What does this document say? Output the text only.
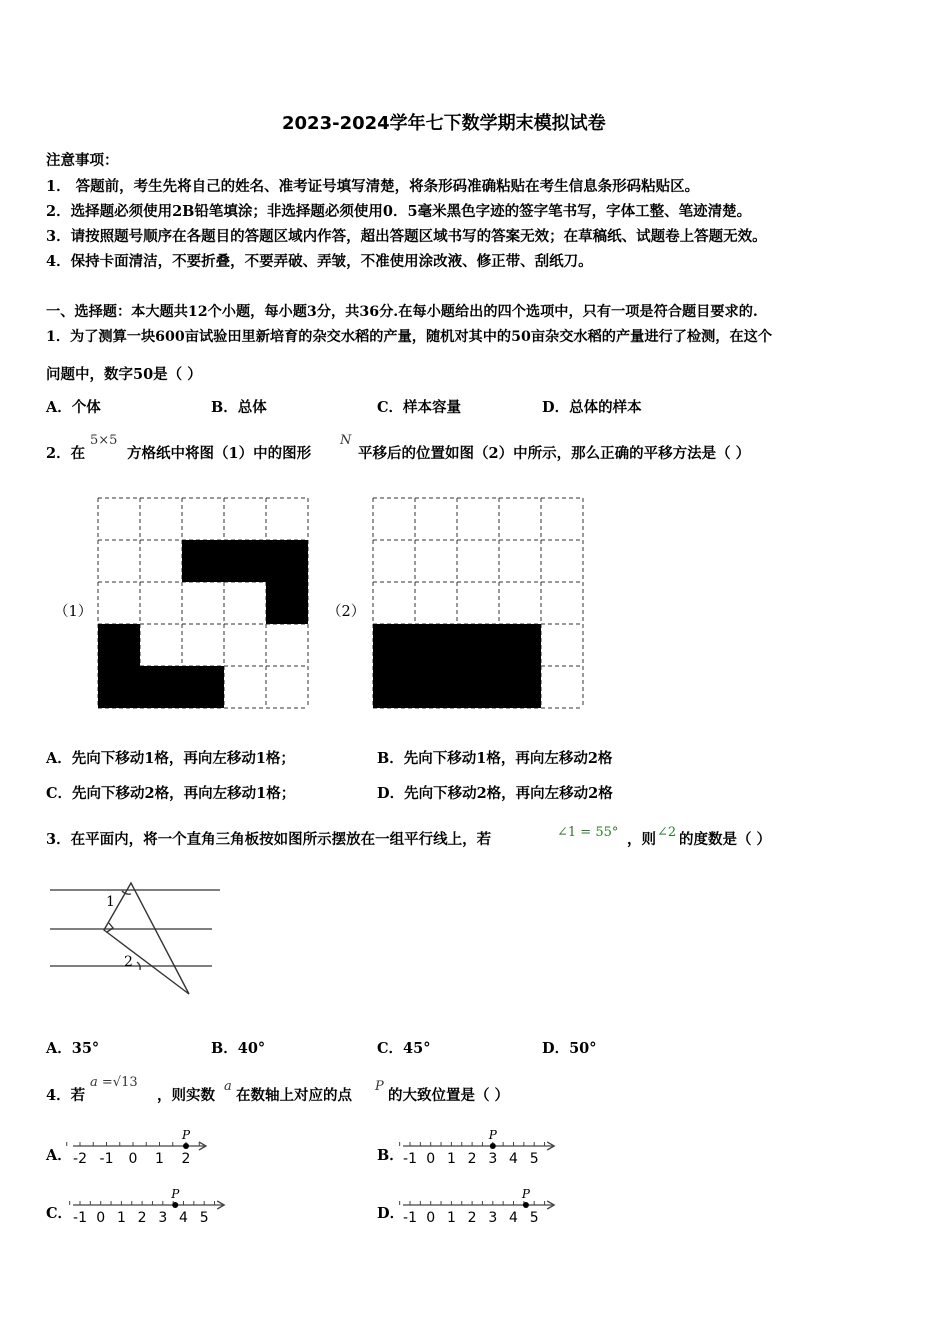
2023-2024学年七下数学期末模拟试卷
注意事项：
1． 答题前，考生先将自己的姓名、准考证号填写清楚，将条形码准确粘贴在考生信息条形码粘贴区。
2．选择题必须使用2B铅笔填涂；非选择题必须使用0．5毫米黑色字迹的签字笔书写，字体工整、笔迹清楚。
3．请按照题号顺序在各题目的答题区域内作答，超出答题区域书写的答案无效；在草稿纸、试题卷上答题无效。
4．保持卡面清洁，不要折叠，不要弄破、弄皱，不准使用涂改液、修正带、刮纸刀。
一、选择题：本大题共12个小题，每小题3分，共36分.在每小题给出的四个选项中，只有一项是符合题目要求的.
1．为了测算一块600亩试验田里新培育的杂交水稻的产量，随机对其中的50亩杂交水稻的产量进行了检测，在这个
问题中，数字50是（ ）
A．个体	B．总体	C．样本容量	D．总体的样本
2．在
5×5
方格纸中将图（1）中的图形
N
平移后的位置如图（2）中所示，那么正确的平移方法是（ ）
（1）	（2）
A．先向下移动1格，再向左移动1格；	B．先向下移动1格，再向左移动2格
C．先向下移动2格，再向左移动1格；	D．先向下移动2格，再向左移动2格
3．在平面内，将一个直角三角板按如图所示摆放在一组平行线上，若	∠1 = 55° ，则 ∠2 的度数是（ ）
1
2
A．35°	B．40°	C．45°	D．50°
4．若
a =√13
，则实数
a
在数轴上对应的点
P
的大致位置是（ ）
A．	B．
C．	D．
-2 -1 0 1 2
P
-1 0 1 2 3 4 5
P
-1 0 1 2 3 4 5
P
-1 0 1 2 3 4 5
P
